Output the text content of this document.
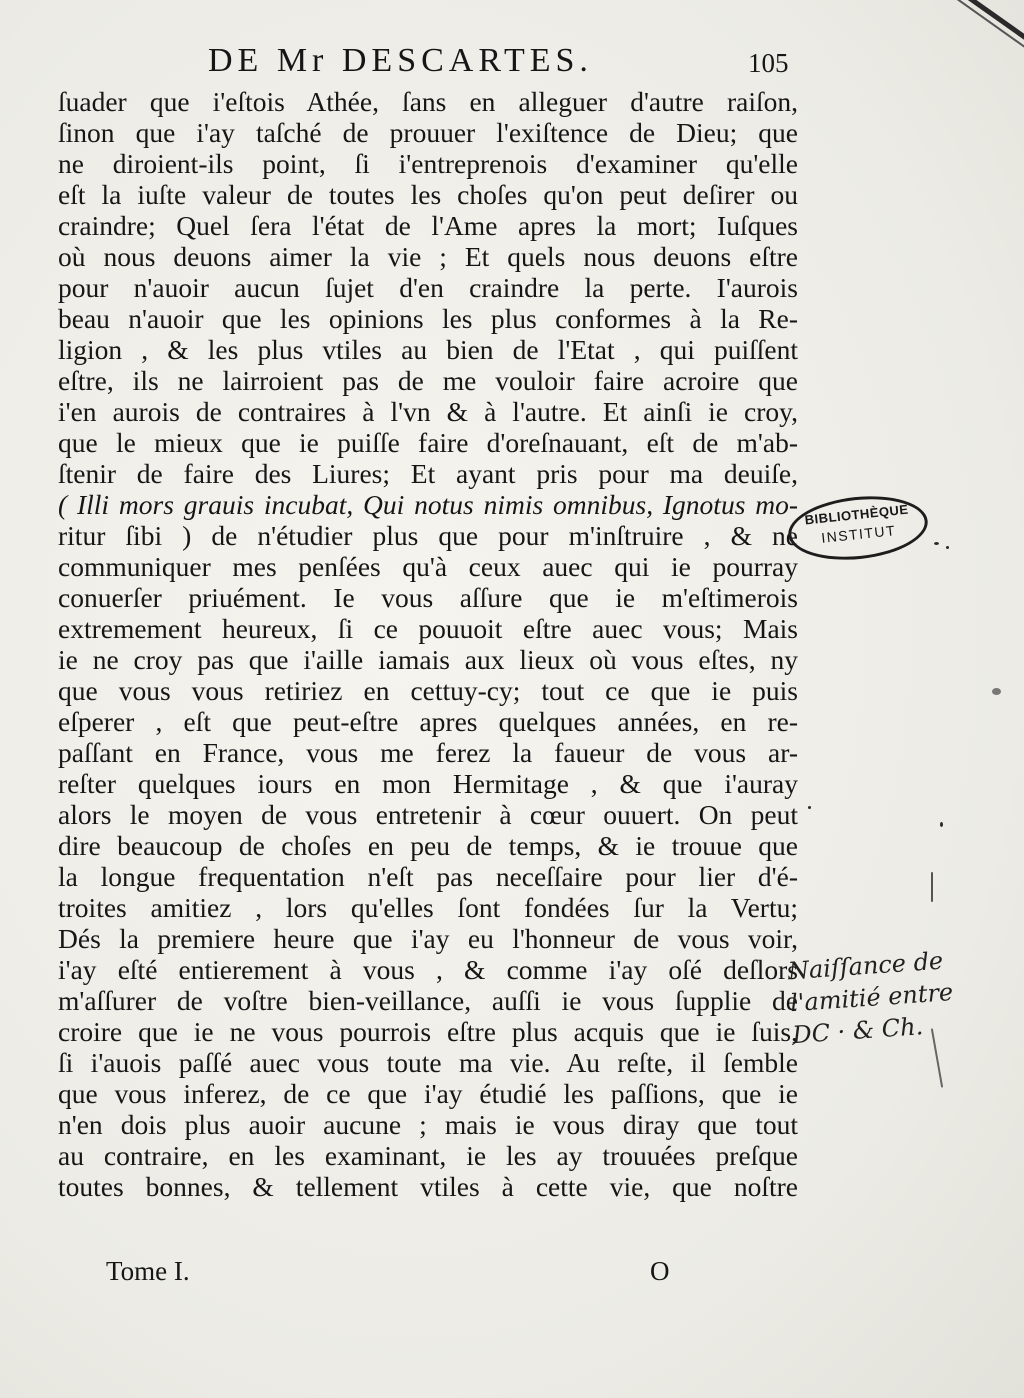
DE Mr DESCARTES.	105
ſuader que i'eſtois Athée, ſans en alleguer d'autre raiſon,
ſinon que i'ay taſché de prouuer l'exiſtence de Dieu; que
ne diroient-ils point, ſi i'entreprenois d'examiner qu'elle
eſt la iuſte valeur de toutes les choſes qu'on peut deſirer ou
craindre; Quel ſera l'état de l'Ame apres la mort; Iuſques
où nous deuons aimer la vie ; Et quels nous deuons eſtre
pour n'auoir aucun ſujet d'en craindre la perte. I'aurois
beau n'auoir que les opinions les plus conformes à la Re-
ligion , & les plus vtiles au bien de l'Etat , qui puiſſent
eſtre, ils ne lairroient pas de me vouloir faire acroire que
i'en aurois de contraires à l'vn & à l'autre. Et ainſi ie croy,
que le mieux que ie puiſſe faire d'oreſnauant, eſt de m'ab-
ſtenir de faire des Liures; Et ayant pris pour ma deuiſe,
( Illi mors grauis incubat, Qui notus nimis omnibus, Ignotus mo-
ritur ſibi ) de n'étudier plus que pour m'inſtruire , & ne
communiquer mes penſées qu'à ceux auec qui ie pourray
conuerſer priuément. Ie vous aſſure que ie m'eſtimerois
extremement heureux, ſi ce pouuoit eſtre auec vous; Mais
ie ne croy pas que i'aille iamais aux lieux où vous eſtes, ny
que vous vous retiriez en cettuy-cy; tout ce que ie puis
eſperer , eſt que peut-eſtre apres quelques années, en re-
paſſant en France, vous me ferez la faueur de vous ar-
reſter quelques iours en mon Hermitage , & que i'auray
alors le moyen de vous entretenir à cœur ouuert. On peut
dire beaucoup de choſes en peu de temps, & ie trouue que
la longue frequentation n'eſt pas neceſſaire pour lier d'é-
troites amitiez , lors qu'elles ſont fondées ſur la Vertu;
Dés la premiere heure que i'ay eu l'honneur de vous voir,
i'ay eſté entierement à vous , & comme i'ay oſé deſlors
m'aſſurer de voſtre bien-veillance, auſſi ie vous ſupplie de
croire que ie ne vous pourrois eſtre plus acquis que ie ſuis,
ſi i'auois paſſé auec vous toute ma vie. Au reſte, il ſemble
que vous inferez, de ce que i'ay étudié les paſſions, que ie
n'en dois plus auoir aucune ; mais ie vous diray que tout
au contraire, en les examinant, ie les ay trouuées preſque
toutes bonnes, & tellement vtiles à cette vie, que noſtre
Tome I.	O
BIBLIOTHÈQUE
INSTITUT
Naiſſance de
l'amitié entre
DC · & Ch.
